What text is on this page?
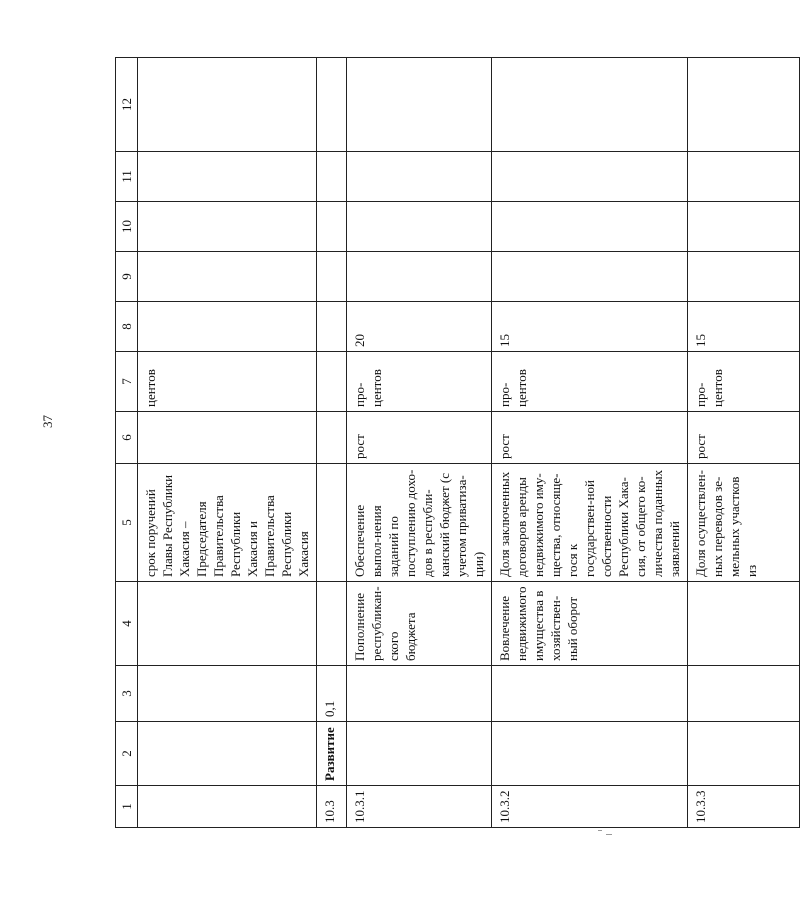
37
1	2	3	4	5	6	7	8	9	10	11	12
				срок поручений Главы Республики Хакасия – Председателя Правительства Республики Хакасия и Правительства Республики Хакасия		центов					
10.3	Развитие	0,1									
10.3.1			Пополнение республикан-ского бюджета	Обеспечение выпол-нения заданий по поступлению дохо-дов в республи-канский бюджет (с учетом приватиза-ции)	рост	про-центов	20				
10.3.2			Вовлечение недвижимого имущества в хозяйствен-ный оборот	Доля заключенных договоров аренды недвижимого иму-щества, относяще-гося к государствен-ной собственности Республики Хака-сия, от общего ко-личества поданных заявлений	рост	про-центов	15				
10.3.3				Доля осуществлен-ных переводов зе-мельных участков из	рост	про-центов	15				
